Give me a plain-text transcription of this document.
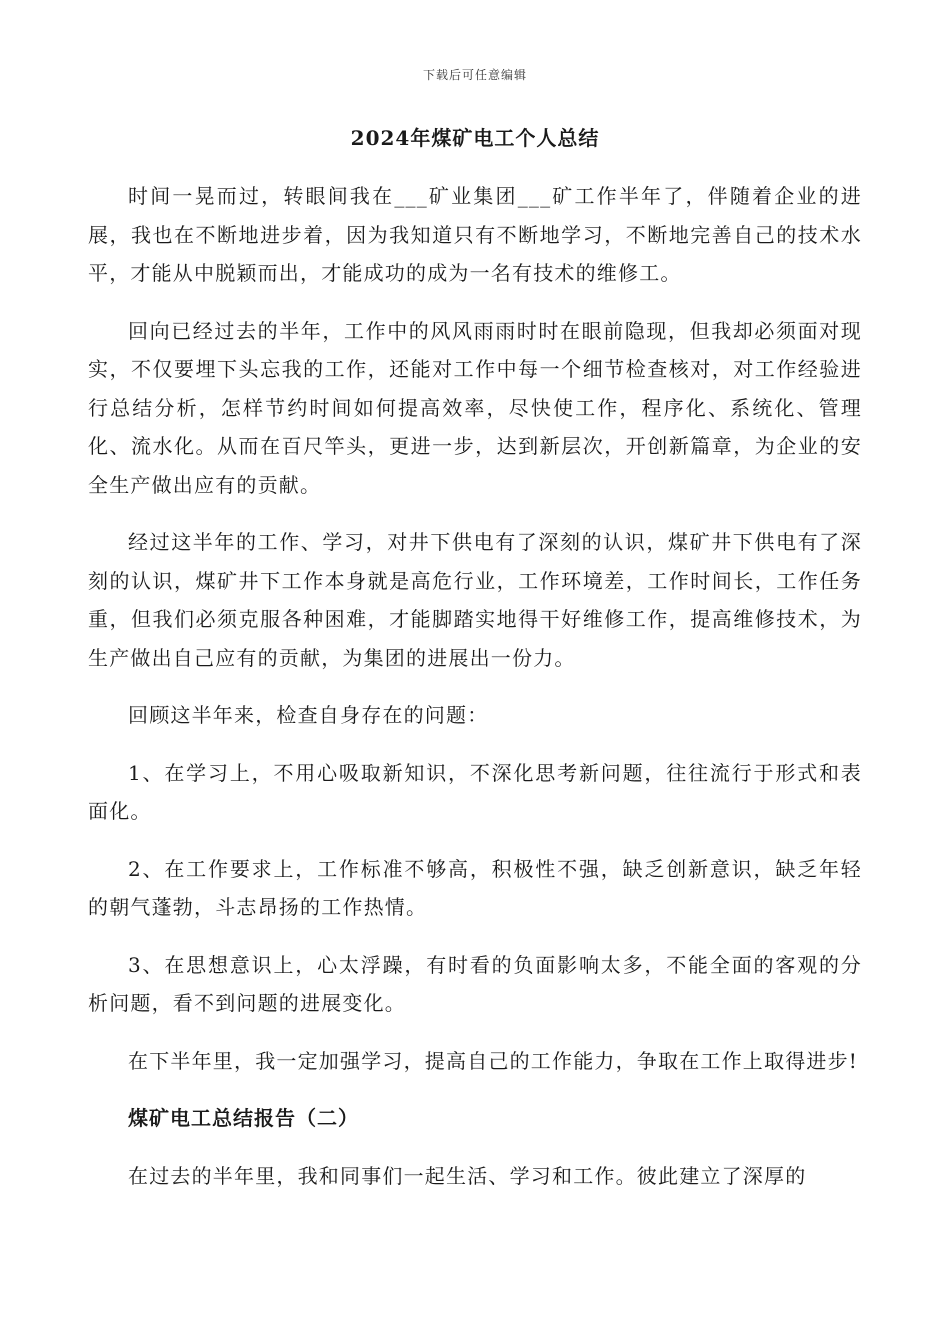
下载后可任意编辑
2024年煤矿电工个人总结

时间一晃而过，转眼间我在___矿业集团___矿工作半年了，伴随着企业的进展，我也在不断地进步着，因为我知道只有不断地学习，不断地完善自己的技术水平，才能从中脱颖而出，才能成功的成为一名有技术的维修工。

回向已经过去的半年，工作中的风风雨雨时时在眼前隐现，但我却必须面对现实，不仅要埋下头忘我的工作，还能对工作中每一个细节检查核对，对工作经验进行总结分析，怎样节约时间如何提高效率，尽快使工作，程序化、系统化、管理化、流水化。从而在百尺竿头，更进一步，达到新层次，开创新篇章，为企业的安全生产做出应有的贡献。

经过这半年的工作、学习，对井下供电有了深刻的认识，煤矿井下供电有了深刻的认识，煤矿井下工作本身就是高危行业，工作环境差，工作时间长，工作任务重，但我们必须克服各种困难，才能脚踏实地得干好维修工作，提高维修技术，为生产做出自己应有的贡献，为集团的进展出一份力。

回顾这半年来，检查自身存在的问题：

1、在学习上，不用心吸取新知识，不深化思考新问题，往往流行于形式和表面化。

2、在工作要求上，工作标准不够高，积极性不强，缺乏创新意识，缺乏年轻的朝气蓬勃，斗志昂扬的工作热情。

3、在思想意识上，心太浮躁，有时看的负面影响太多，不能全面的客观的分析问题，看不到问题的进展变化。

在下半年里，我一定加强学习，提高自己的工作能力，争取在工作上取得进步!

煤矿电工总结报告（二）

在过去的半年里，我和同事们一起生活、学习和工作。彼此建立了深厚的
